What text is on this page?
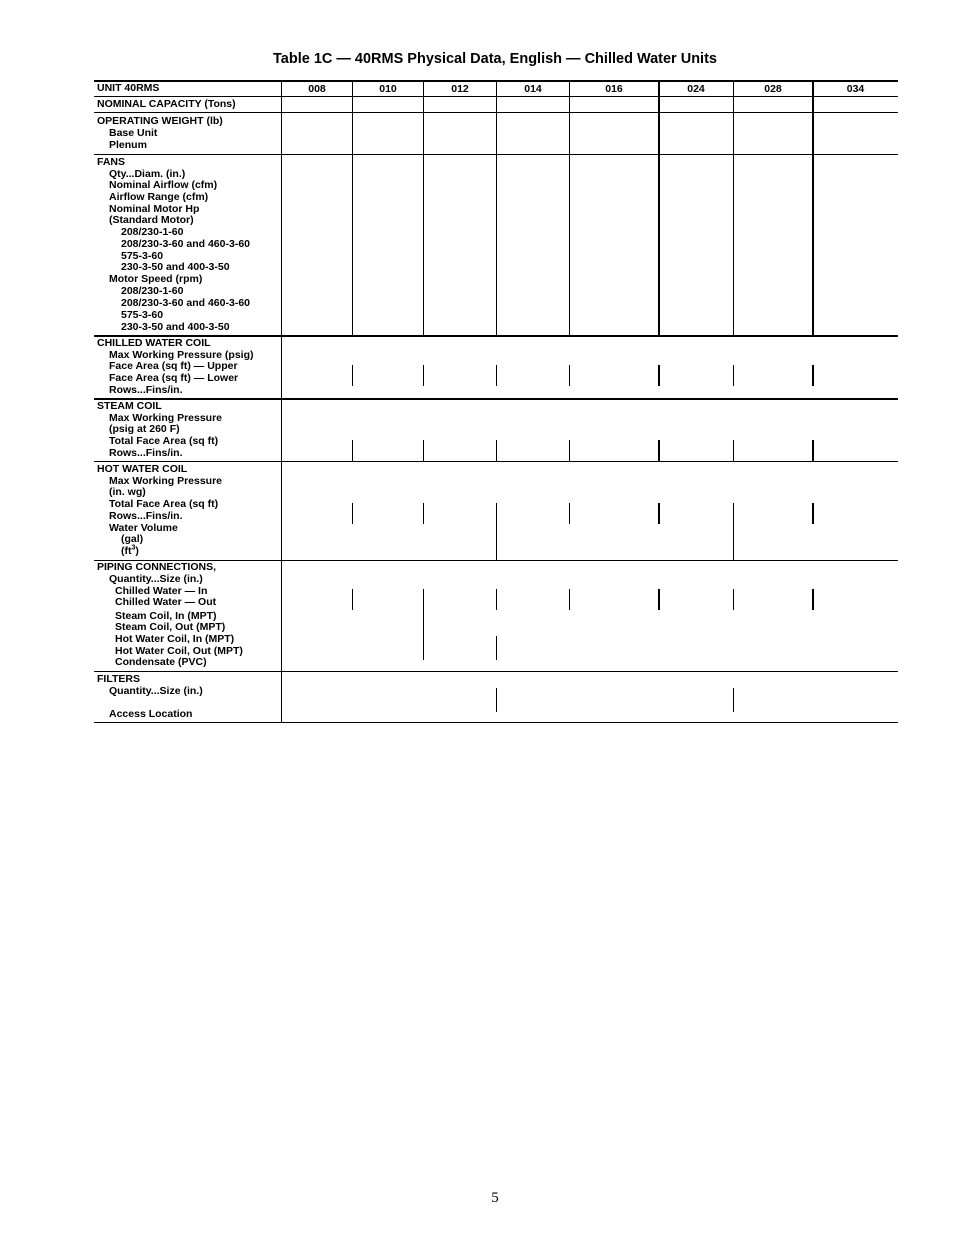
Table 1C — 40RMS Physical Data, English — Chilled Water Units
UNIT 40RMS	008	010	012	014	016	024	028	034
NOMINAL CAPACITY (Tons)
OPERATING WEIGHT (lb)
Base Unit
Plenum
FANS
Qty...Diam. (in.)
Nominal Airflow (cfm)
Airflow Range (cfm)
Nominal Motor Hp
(Standard Motor)
208/230-1-60
208/230-3-60 and 460-3-60
575-3-60
230-3-50 and 400-3-50
Motor Speed (rpm)
208/230-1-60
208/230-3-60 and 460-3-60
575-3-60
230-3-50 and 400-3-50
CHILLED WATER COIL
Max Working Pressure (psig)
Face Area (sq ft) — Upper
Face Area (sq ft) — Lower
Rows...Fins/in.
STEAM COIL
Max Working Pressure
(psig at 260 F)
Total Face Area (sq ft)
Rows...Fins/in.
HOT WATER COIL
Max Working Pressure
(in. wg)
Total Face Area (sq ft)
Rows...Fins/in.
Water Volume
(gal)
$(ft^3)$
PIPING CONNECTIONS,
Quantity...Size (in.)
Chilled Water — In
Chilled Water — Out
Steam Coil, In (MPT)
Steam Coil, Out (MPT)
Hot Water Coil, In (MPT)
Hot Water Coil, Out (MPT)
Condensate (PVC)
FILTERS
Quantity...Size (in.)
Access Location
5
